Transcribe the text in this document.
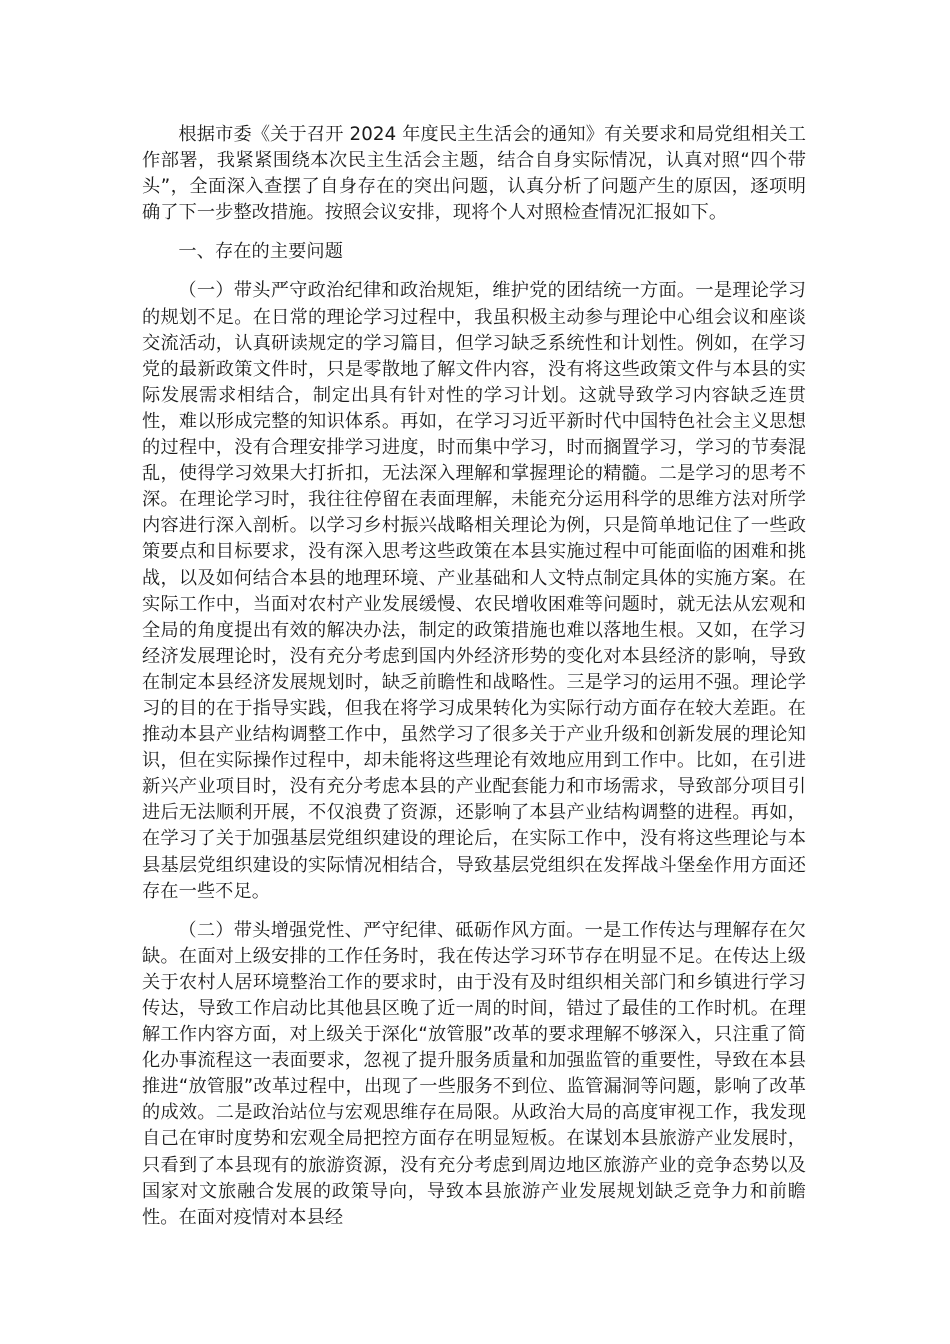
根据市委《关于召开 2024 年度民主生活会的通知》有关要求和局党组相关工作部署，我紧紧围绕本次民主生活会主题，结合自身实际情况，认真对照“四个带头”，全面深入查摆了自身存在的突出问题，认真分析了问题产生的原因，逐项明确了下一步整改措施。按照会议安排，现将个人对照检查情况汇报如下。

一、存在的主要问题

（一）带头严守政治纪律和政治规矩，维护党的团结统一方面。一是理论学习的规划不足。在日常的理论学习过程中，我虽积极主动参与理论中心组会议和座谈交流活动，认真研读规定的学习篇目，但学习缺乏系统性和计划性。例如，在学习党的最新政策文件时，只是零散地了解文件内容，没有将这些政策文件与本县的实际发展需求相结合，制定出具有针对性的学习计划。这就导致学习内容缺乏连贯性，难以形成完整的知识体系。再如，在学习习近平新时代中国特色社会主义思想的过程中，没有合理安排学习进度，时而集中学习，时而搁置学习，学习的节奏混乱，使得学习效果大打折扣，无法深入理解和掌握理论的精髓。二是学习的思考不深。在理论学习时，我往往停留在表面理解，未能充分运用科学的思维方法对所学内容进行深入剖析。以学习乡村振兴战略相关理论为例，只是简单地记住了一些政策要点和目标要求，没有深入思考这些政策在本县实施过程中可能面临的困难和挑战，以及如何结合本县的地理环境、产业基础和人文特点制定具体的实施方案。在实际工作中，当面对农村产业发展缓慢、农民增收困难等问题时，就无法从宏观和全局的角度提出有效的解决办法，制定的政策措施也难以落地生根。又如，在学习经济发展理论时，没有充分考虑到国内外经济形势的变化对本县经济的影响，导致在制定本县经济发展规划时，缺乏前瞻性和战略性。三是学习的运用不强。理论学习的目的在于指导实践，但我在将学习成果转化为实际行动方面存在较大差距。在推动本县产业结构调整工作中，虽然学习了很多关于产业升级和创新发展的理论知识，但在实际操作过程中，却未能将这些理论有效地应用到工作中。比如，在引进新兴产业项目时，没有充分考虑本县的产业配套能力和市场需求，导致部分项目引进后无法顺利开展，不仅浪费了资源，还影响了本县产业结构调整的进程。再如，在学习了关于加强基层党组织建设的理论后，在实际工作中，没有将这些理论与本县基层党组织建设的实际情况相结合，导致基层党组织在发挥战斗堡垒作用方面还存在一些不足。

（二）带头增强党性、严守纪律、砥砺作风方面。一是工作传达与理解存在欠缺。在面对上级安排的工作任务时，我在传达学习环节存在明显不足。在传达上级关于农村人居环境整治工作的要求时，由于没有及时组织相关部门和乡镇进行学习传达，导致工作启动比其他县区晚了近一周的时间，错过了最佳的工作时机。在理解工作内容方面，对上级关于深化“放管服”改革的要求理解不够深入，只注重了简化办事流程这一表面要求，忽视了提升服务质量和加强监管的重要性，导致在本县推进“放管服”改革过程中，出现了一些服务不到位、监管漏洞等问题，影响了改革的成效。二是政治站位与宏观思维存在局限。从政治大局的高度审视工作，我发现自己在审时度势和宏观全局把控方面存在明显短板。在谋划本县旅游产业发展时，只看到了本县现有的旅游资源，没有充分考虑到周边地区旅游产业的竞争态势以及国家对文旅融合发展的政策导向，导致本县旅游产业发展规划缺乏竞争力和前瞻性。在面对疫情对本县经
